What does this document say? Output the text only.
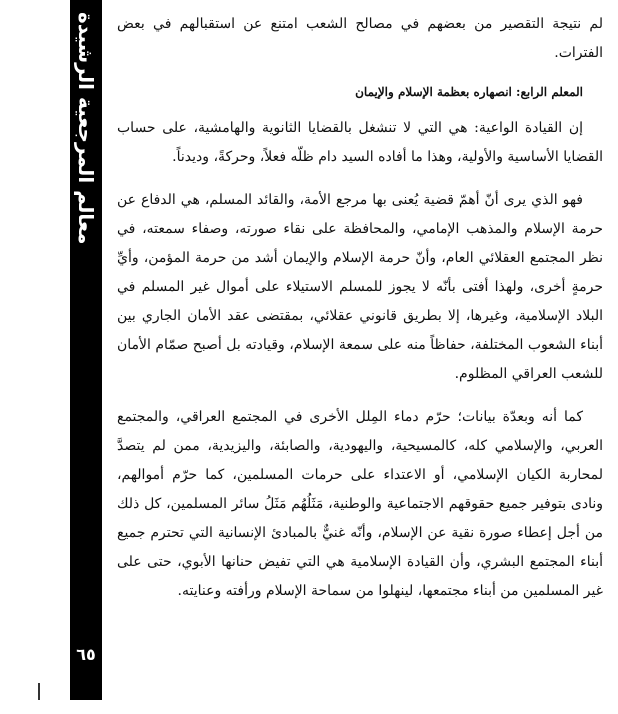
معالم المرجعية الرشيدة
٦٥

لم نتيجة التقصير من بعضهم في مصالح الشعب امتنع عن استقبالهم في بعض الفترات.

المعلم الرابع: انصهاره بعظمة الإسلام والإيمان

إن القيادة الواعية: هي التي لا تنشغل بالقضايا الثانوية والهامشية، على حساب القضايا الأساسية والأولية، وهذا ما أفاده السيد دام ظلّه فعلاً، وحركةً، وديدناً.

فهو الذي يرى أنّ أهمّ قضية يُعنى بها مرجع الأمة، والقائد المسلم، هي الدفاع عن حرمة الإسلام والمذهب الإمامي، والمحافظة على نقاء صورته، وصفاء سمعته، في نظر المجتمع العقلائي العام، وأنّ حرمة الإسلام والإيمان أشد من حرمة المؤمن، وأيِّ حرمةٍ أخرى، ولهذا أفتى بأنّه لا يجوز للمسلم الاستيلاء على أموال غير المسلم في البلاد الإسلامية، وغيرها، إلا بطريق قانوني عقلائي، بمقتضى عقد الأمان الجاري بين أبناء الشعوب المختلفة، حفاظاً منه على سمعة الإسلام، وقيادته بل أصبح صمّام الأمان للشعب العراقي المظلوم.

كما أنه وبعدّة بيانات؛ حرّم دماء المِلل الأخرى في المجتمع العراقي، والمجتمع العربي، والإسلامي كله، كالمسيحية، واليهودية، والصابئة، واليزيدية، ممن لم يتصدَّ لمحاربة الكيان الإسلامي، أو الاعتداء على حرمات المسلمين، كما حرّم أموالهم، ونادى بتوفير جميع حقوقهم الاجتماعية والوطنية، مَثَلُهُم مَثَلُ سائر المسلمين، كل ذلك من أجل إعطاء صورة نقية عن الإسلام، وأنّه غنيٌّ بالمبادئ الإنسانية التي تحترم جميع أبناء المجتمع البشري، وأن القيادة الإسلامية هي التي تفيض حنانها الأبوي، حتى على غير المسلمين من أبناء مجتمعها، لينهلوا من سماحة الإسلام ورأفته وعنايته.
